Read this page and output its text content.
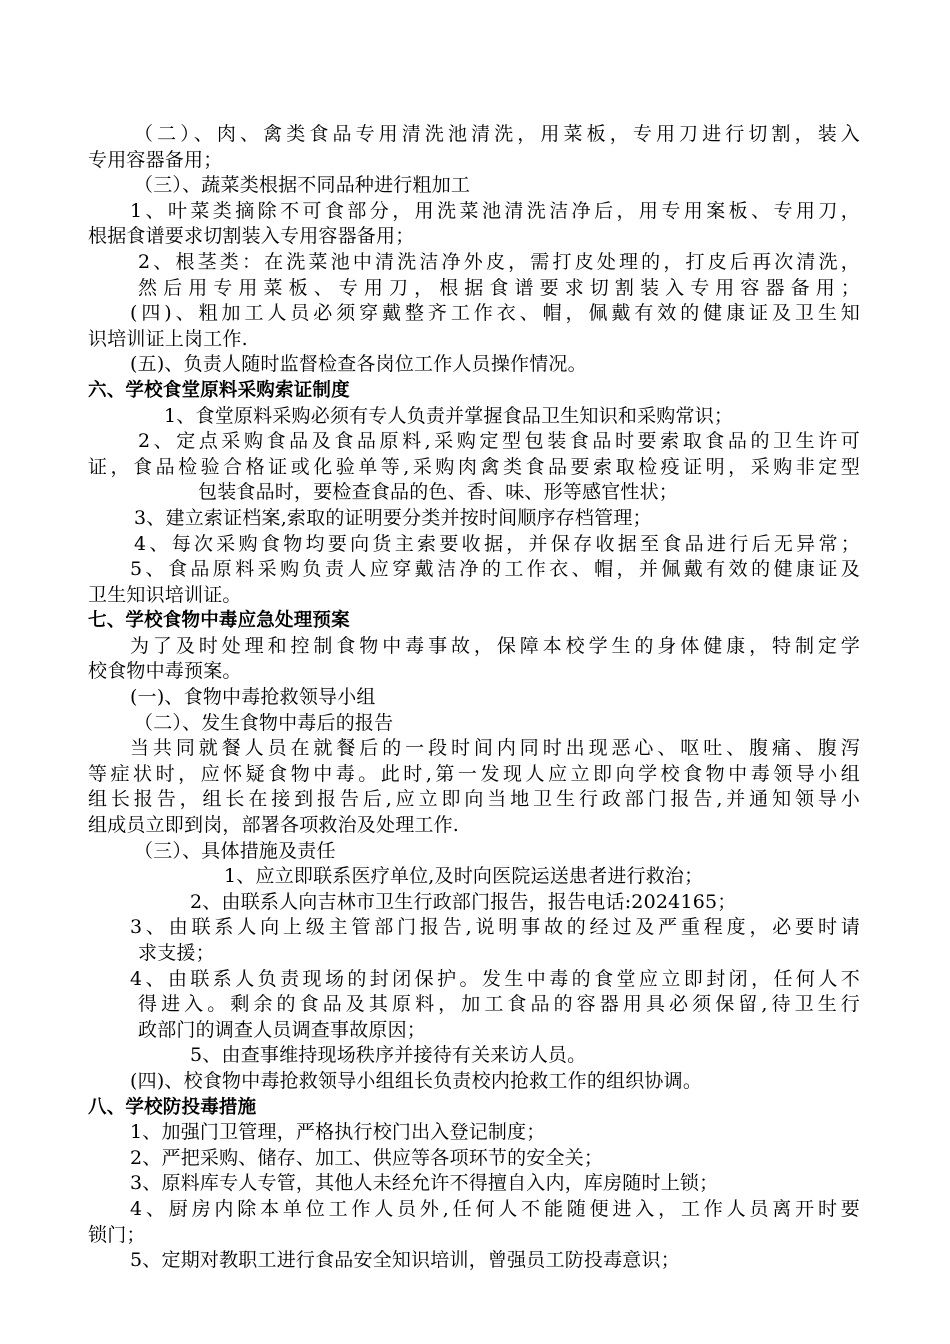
（二）、肉、禽类食品专用清洗池清洗，用菜板，专用刀进行切割，装入
专用容器备用；
（三）、蔬菜类根据不同品种进行粗加工
1、叶菜类摘除不可食部分，用洗菜池清洗洁净后，用专用案板、专用刀，
根据食谱要求切割装入专用容器备用；
2、根茎类：在洗菜池中清洗洁净外皮，需打皮处理的，打皮后再次清洗，
然后用专用菜板、专用刀，根据食谱要求切割装入专用容器备用；
(四)、粗加工人员必须穿戴整齐工作衣、帽，佩戴有效的健康证及卫生知
识培训证上岗工作.
(五)、负责人随时监督检查各岗位工作人员操作情况。
六、学校食堂原料采购索证制度
1、食堂原料采购必须有专人负责并掌握食品卫生知识和采购常识；
2、定点采购食品及食品原料,采购定型包装食品时要索取食品的卫生许可
证，食品检验合格证或化验单等,采购肉禽类食品要索取检疫证明，采购非定型
包装食品时，要检查食品的色、香、味、形等感官性状；
3、建立索证档案,索取的证明要分类并按时间顺序存档管理；
4、每次采购食物均要向货主索要收据，并保存收据至食品进行后无异常；
5、食品原料采购负责人应穿戴洁净的工作衣、帽，并佩戴有效的健康证及
卫生知识培训证。
七、学校食物中毒应急处理预案
为了及时处理和控制食物中毒事故，保障本校学生的身体健康，特制定学
校食物中毒预案。
(一)、食物中毒抢救领导小组
（二）、发生食物中毒后的报告
当共同就餐人员在就餐后的一段时间内同时出现恶心、呕吐、腹痛、腹泻
等症状时，应怀疑食物中毒。此时,第一发现人应立即向学校食物中毒领导小组
组长报告，组长在接到报告后,应立即向当地卫生行政部门报告,并通知领导小
组成员立即到岗，部署各项救治及处理工作.
（三）、具体措施及责任
1、应立即联系医疗单位,及时向医院运送患者进行救治；
2、由联系人向吉林市卫生行政部门报告，报告电话:2024165；
3、由联系人向上级主管部门报告,说明事故的经过及严重程度，必要时请
求支援；
4、由联系人负责现场的封闭保护。发生中毒的食堂应立即封闭，任何人不
得进入。剩余的食品及其原料，加工食品的容器用具必须保留,待卫生行
政部门的调查人员调查事故原因；
5、由查事维持现场秩序并接待有关来访人员。
(四)、校食物中毒抢救领导小组组长负责校内抢救工作的组织协调。
八、学校防投毒措施
1、加强门卫管理，严格执行校门出入登记制度；
2、严把采购、储存、加工、供应等各项环节的安全关；
3、原料库专人专管，其他人未经允许不得擅自入内，库房随时上锁；
4、厨房内除本单位工作人员外,任何人不能随便进入，工作人员离开时要
锁门；
5、定期对教职工进行食品安全知识培训，曾强员工防投毒意识；
